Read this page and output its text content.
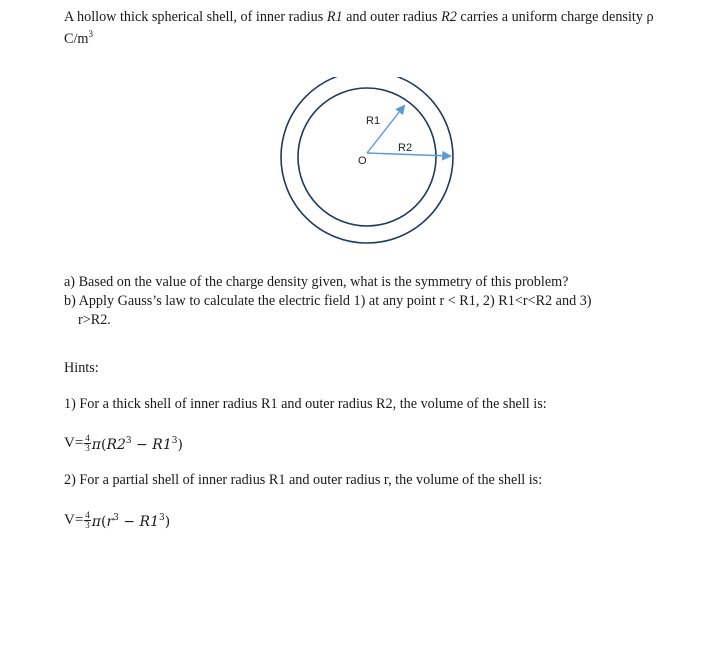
A hollow thick spherical shell, of inner radius R1 and outer radius R2 carries a uniform charge density ρ
$C/m^3$
R1
R2
O
a) Based on the value of the charge density given, what is the symmetry of this problem?
b) Apply Gauss’s law to calculate the electric field 1) at any point r < R1, 2) R1<r<R2 and 3)
r>R2.
Hints:
1) For a thick shell of inner radius R1 and outer radius R2, the volume of the shell is:
$V= \frac{4}{3} \pi(R2^3 - R1^3)$
2) For a partial shell of inner radius R1 and outer radius r, the volume of the shell is:
$V= \frac{4}{3} \pi(r^3 - R1^3)$
